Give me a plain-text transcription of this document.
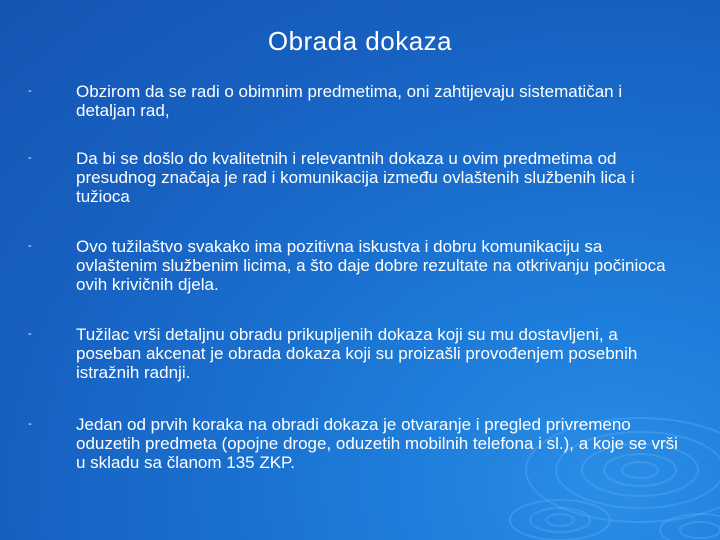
Obrada dokaza
-	Obzirom da se radi o obimnim predmetima, oni zahtijevaju sistematičan i detaljan rad,
-	Da bi se došlo do kvalitetnih i relevantnih dokaza u ovim predmetima od presudnog značaja je rad i komunikacija između ovlaštenih službenih lica i tužioca
-	Ovo tužilaštvo svakako ima pozitivna iskustva i dobru komunikaciju sa ovlaštenim službenim licima, a što daje dobre rezultate na otkrivanju počinioca ovih krivičnih djela.
-	Tužilac vrši detaljnu obradu prikupljenih dokaza koji su mu dostavljeni, a poseban akcenat je obrada dokaza koji su proizašli provođenjem posebnih istražnih radnji.
-	Jedan od prvih koraka na obradi dokaza je otvaranje i pregled privremeno oduzetih predmeta (opojne droge, oduzetih mobilnih telefona i sl.), a koje se vrši u skladu sa članom 135 ZKP.
